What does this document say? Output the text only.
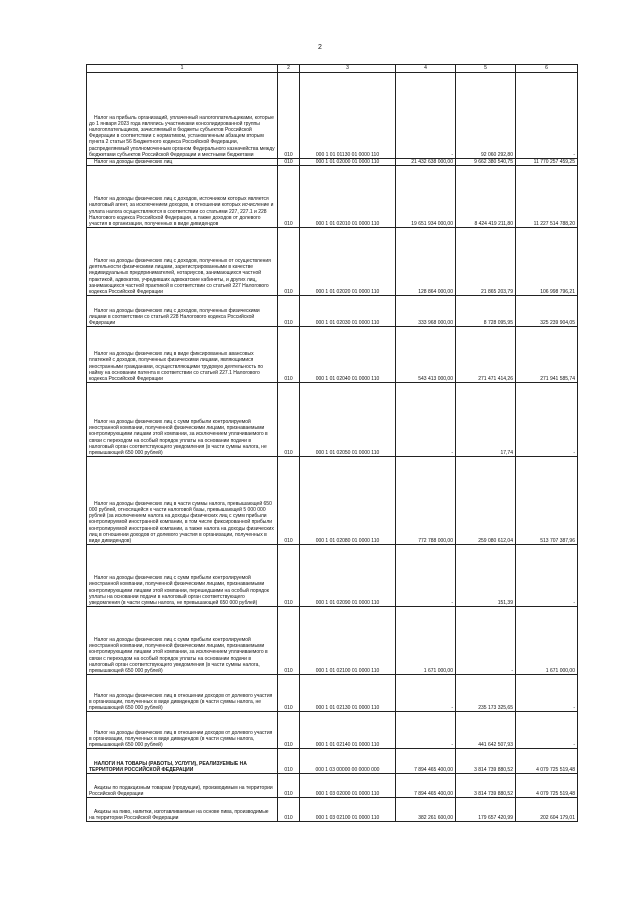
2
1	2	3	4	5	6
Налог на прибыль организаций, уплаченный налогоплательщиками, которые до 1 января 2023 года являлись участниками консолидированной группы налогоплательщиков, зачисляемый в бюджеты субъектов Российской Федерации в соответствии с нормативом, установленным абзацем вторым пункта 2 статьи 56 Бюджетного кодекса Российской Федерации, распределяемый уполномоченным органом Федерального казначейства между бюджетами субъектов Российской Федерации и местными бюджетами	010	000 1 01 01130 01 0000 110	-	92 060 292,80	-
Налог на доходы физических лиц	010	000 1 01 02000 01 0000 110	21 432 638 000,00	9 662 380 540,75	11 770 257 459,25
Налог на доходы физических лиц с доходов, источником которых является налоговый агент, за исключением доходов, в отношении которых исчисление и уплата налога осуществляются в соответствии со статьями 227, 227.1 и 228 Налогового кодекса Российской Федерации, а также доходов от долевого участия в организации, полученных в виде дивидендов	010	000 1 01 02010 01 0000 110	19 651 934 000,00	8 424 419 211,80	11 227 514 788,20
Налог на доходы физических лиц с доходов, полученных от осуществления деятельности физическими лицами, зарегистрированными в качестве индивидуальных предпринимателей, нотариусов, занимающихся частной практикой, адвокатов, учредивших адвокатские кабинеты, и других лиц, занимающихся частной практикой в соответствии со статьей 227 Налогового кодекса Российской Федерации	010	000 1 01 02020 01 0000 110	128 864 000,00	21 865 203,79	106 998 796,21
Налог на доходы физических лиц с доходов, полученных физическими лицами в соответствии со статьей 228 Налогового кодекса Российской Федерации	010	000 1 01 02030 01 0000 110	333 968 000,00	8 728 095,95	325 239 904,05
Налог на доходы физических лиц в виде фиксированных авансовых платежей с доходов, полученных физическими лицами, являющимися иностранными гражданами, осуществляющими трудовую деятельность по найму на основании патента в соответствии со статьей 227.1 Налогового кодекса Российской Федерации	010	000 1 01 02040 01 0000 110	543 413 000,00	271 471 414,26	271 941 585,74
Налог на доходы физических лиц с сумм прибыли контролируемой иностранной компании, полученной физическими лицами, признаваемыми контролирующими лицами этой компании, за исключением уплачиваемого в связи с переходом на особый порядок уплаты на основании подачи в налоговый орган соответствующего уведомления (в части суммы налога, не превышающей 650 000 рублей)	010	000 1 01 02050 01 0000 110	-	17,74	-
Налог на доходы физических лиц в части суммы налога, превышающей 650 000 рублей, относящейся к части налоговой базы, превышающей 5 000 000 рублей (за исключением налога на доходы физических лиц с сумм прибыли контролируемой иностранной компании, в том числе фиксированной прибыли контролируемой иностранной компании, а также налога на доходы физических лиц в отношении доходов от долевого участия в организации, полученных в виде дивидендов)	010	000 1 01 02080 01 0000 110	772 788 000,00	259 080 612,04	513 707 387,96
Налог на доходы физических лиц с сумм прибыли контролируемой иностранной компании, полученной физическими лицами, признаваемыми контролирующими лицами этой компании, перешедшими на особый порядок уплаты на основании подачи в налоговый орган соответствующего уведомления (в части суммы налога, не превышающей 650 000 рублей)	010	000 1 01 02090 01 0000 110	-	151,39	-
Налог на доходы физических лиц с сумм прибыли контролируемой иностранной компании, полученной физическими лицами, признаваемыми контролирующими лицами этой компании, за исключением уплачиваемого в связи с переходом на особый порядок уплаты на основании подачи в налоговый орган соответствующего уведомления (в части суммы налога, превышающей 650 000 рублей)	010	000 1 01 02100 01 0000 110	1 671 000,00	-	1 671 000,00
Налог на доходы физических лиц в отношении доходов от долевого участия в организации, полученных в виде дивидендов (в части суммы налога, не превышающей 650 000 рублей)	010	000 1 01 02130 01 0000 110	-	235 173 325,65	-
Налог на доходы физических лиц в отношении доходов от долевого участия в организации, полученных в виде дивидендов (в части суммы налога, превышающей 650 000 рублей)	010	000 1 01 02140 01 0000 110	-	441 642 507,93	-
НАЛОГИ НА ТОВАРЫ (РАБОТЫ, УСЛУГИ), РЕАЛИЗУЕМЫЕ НА ТЕРРИТОРИИ РОССИЙСКОЙ ФЕДЕРАЦИИ	010	000 1 03 00000 00 0000 000	7 894 465 400,00	3 814 739 880,52	4 079 725 519,48
Акцизы по подакцизным товарам (продукции), производимым на территории Российской Федерации	010	000 1 03 02000 01 0000 110	7 894 465 400,00	3 814 739 880,52	4 079 725 519,48
Акцизы на пиво, напитки, изготавливаемые на основе пива, производимые на территории Российской Федерации	010	000 1 03 02100 01 0000 110	382 261 600,00	179 657 420,99	202 604 179,01
